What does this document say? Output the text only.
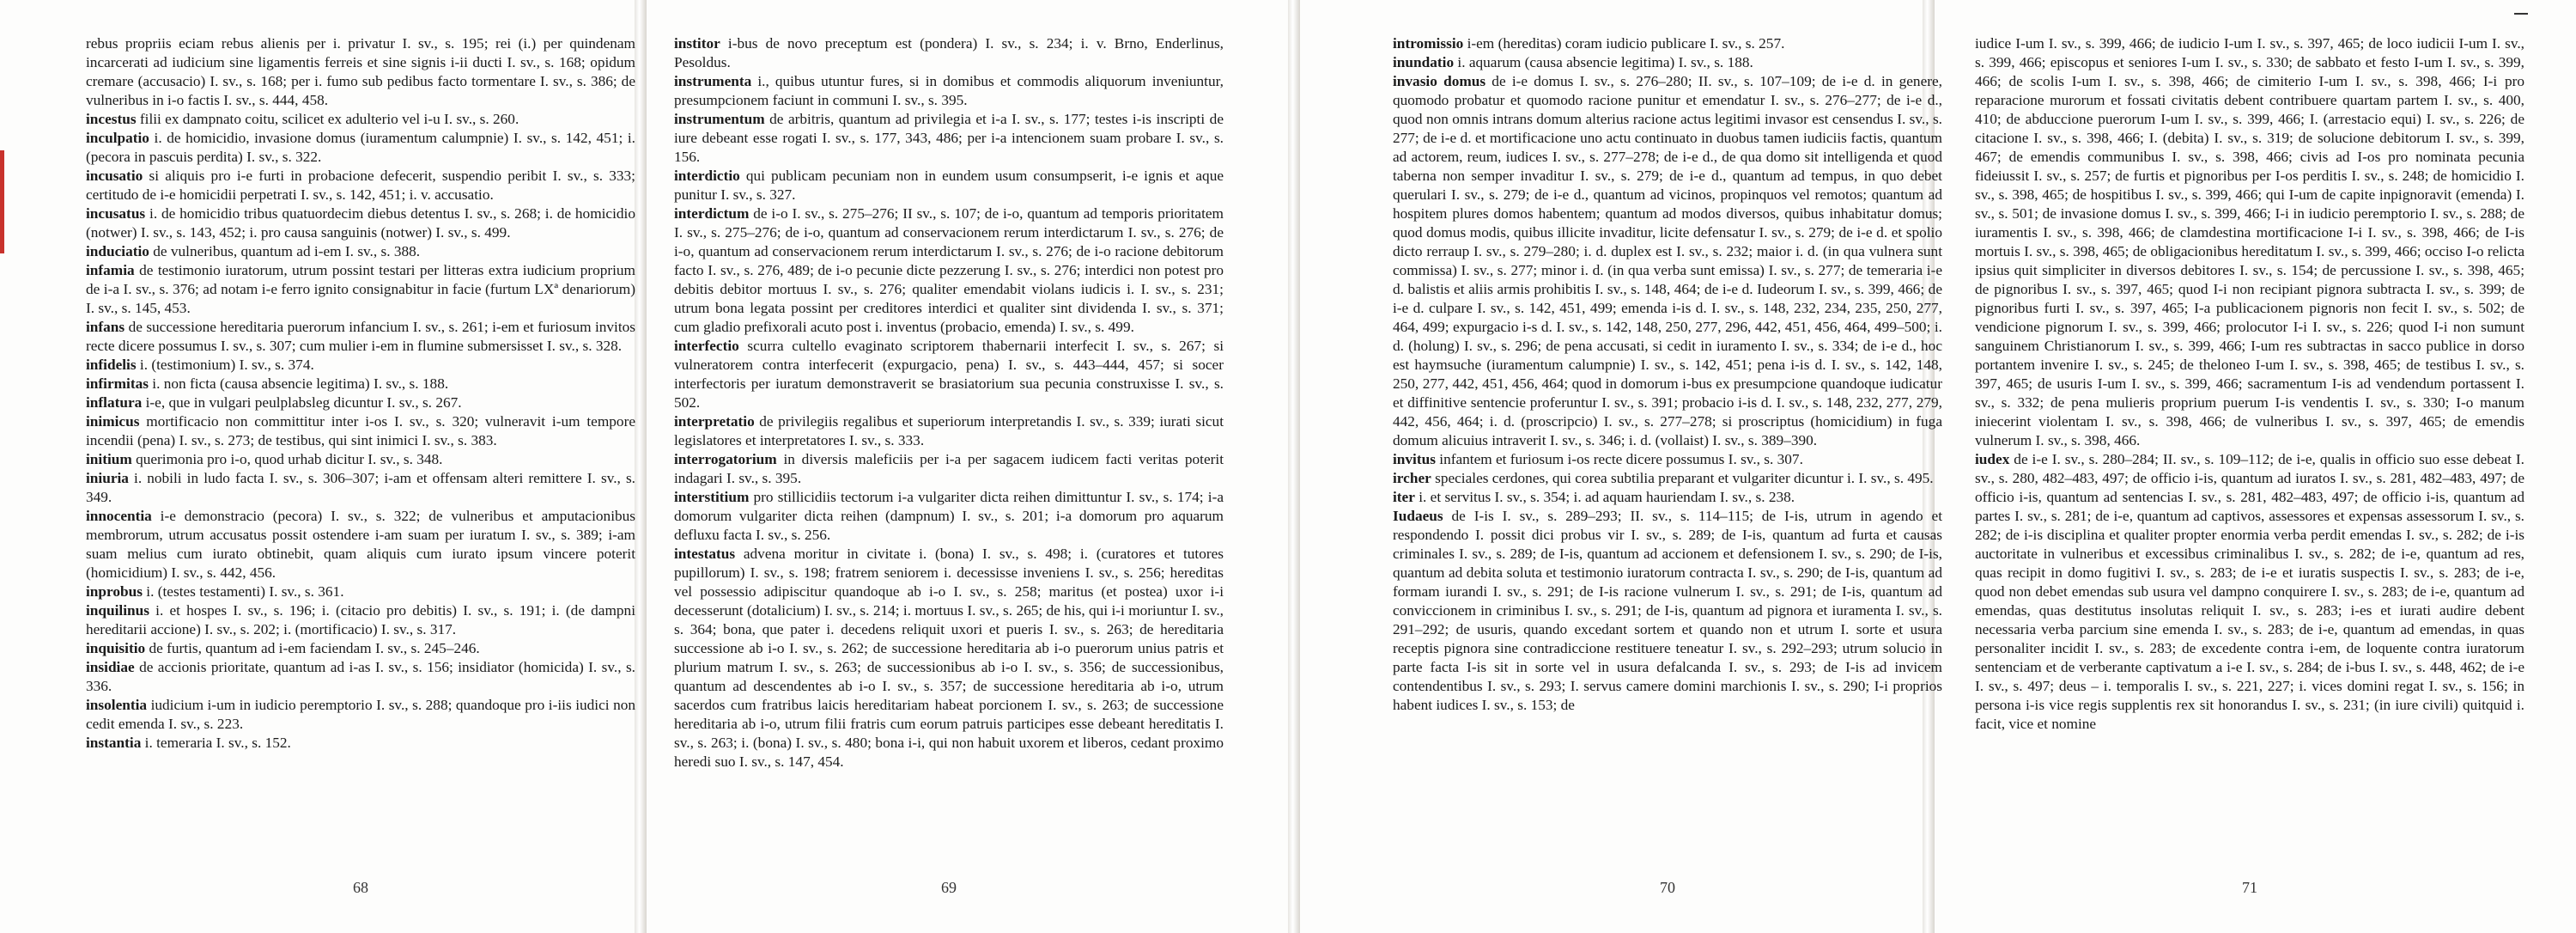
rebus propriis eciam rebus alienis per i. privatur I. sv., s. 195; rei (i.) per quindenam incarcerati ad iudicium sine ligamentis ferreis et sine signis i-ii ducti I. sv., s. 168; opidum cremare (accusacio) I. sv., s. 168; per i. fumo sub pedibus facto tormentare I. sv., s. 386; de vulneribus in i-o factis I. sv., s. 444, 458.

incestus filii ex dampnato coitu, scilicet ex adulterio vel i-u I. sv., s. 260.

inculpatio i. de homicidio, invasione domus (iuramentum calumpnie) I. sv., s. 142, 451; i. (pecora in pascuis perdita) I. sv., s. 322.

incusatio si aliquis pro i-e furti in probacione defecerit, suspendio peribit I. sv., s. 333; certitudo de i-e homicidii perpetrati I. sv., s. 142, 451; i. v. accusatio.

incusatus i. de homicidio tribus quatuordecim diebus detentus I. sv., s. 268; i. de homicidio (notwer) I. sv., s. 143, 452; i. pro causa sanguinis (notwer) I. sv., s. 499.

induciatio de vulneribus, quantum ad i-em I. sv., s. 388.

infamia de testimonio iuratorum, utrum possint testari per litteras extra iudicium proprium de i-a I. sv., s. 376; ad notam i-e ferro ignito consignabitur in facie (furtum LXª denariorum) I. sv., s. 145, 453.

infans de successione hereditaria puerorum infancium I. sv., s. 261; i-em et furiosum invitos recte dicere possumus I. sv., s. 307; cum mulier i-em in flumine submersisset I. sv., s. 328.

infidelis i. (testimonium) I. sv., s. 374.

infirmitas i. non ficta (causa absencie legitima) I. sv., s. 188.

inflatura i-e, que in vulgari peulplabsleg dicuntur I. sv., s. 267.

inimicus mortificacio non committitur inter i-os I. sv., s. 320; vulneravit i-um tempore incendii (pena) I. sv., s. 273; de testibus, qui sint inimici I. sv., s. 383.

initium querimonia pro i-o, quod urhab dicitur I. sv., s. 348.

iniuria i. nobili in ludo facta I. sv., s. 306–307; i-am et offensam alteri remittere I. sv., s. 349.

innocentia i-e demonstracio (pecora) I. sv., s. 322; de vulneribus et amputacionibus membrorum, utrum accusatus possit ostendere i-am suam per iuratum I. sv., s. 389; i-am suam melius cum iurato obtinebit, quam aliquis cum iurato ipsum vincere poterit (homicidium) I. sv., s. 442, 456.

inprobus i. (testes testamenti) I. sv., s. 361.

inquilinus i. et hospes I. sv., s. 196; i. (citacio pro debitis) I. sv., s. 191; i. (de dampni hereditarii accione) I. sv., s. 202; i. (mortificacio) I. sv., s. 317.

inquisitio de furtis, quantum ad i-em faciendam I. sv., s. 245–246.

insidiae de accionis prioritate, quantum ad i-as I. sv., s. 156; insidiator (homicida) I. sv., s. 336.

insolentia iudicium i-um in iudicio peremptorio I. sv., s. 288; quandoque pro i-iis iudici non cedit emenda I. sv., s. 223.

instantia i. temeraria I. sv., s. 152.

68

institor i-bus de novo preceptum est (pondera) I. sv., s. 234; i. v. Brno, Enderlinus, Pesoldus.

instrumenta i., quibus utuntur fures, si in domibus et commodis aliquorum inveniuntur, presumpcionem faciunt in communi I. sv., s. 395.

instrumentum de arbitris, quantum ad privilegia et i-a I. sv., s. 177; testes i-is inscripti de iure debeant esse rogati I. sv., s. 177, 343, 486; per i-a intencionem suam probare I. sv., s. 156.

interdictio qui publicam pecuniam non in eundem usum consumpserit, i-e ignis et aque punitur I. sv., s. 327.

interdictum de i-o I. sv., s. 275–276; II sv., s. 107; de i-o, quantum ad temporis prioritatem I. sv., s. 275–276; de i-o, quantum ad conservacionem rerum interdictarum I. sv., s. 276; de i-o, quantum ad conservacionem rerum interdictarum I. sv., s. 276; de i-o racione debitorum facto I. sv., s. 276, 489; de i-o pecunie dicte pezzerung I. sv., s. 276; interdici non potest pro debitis debitor mortuus I. sv., s. 276; qualiter emendabit violans iudicis i. I. sv., s. 231; utrum bona legata possint per creditores interdici et qualiter sint dividenda I. sv., s. 371; cum gladio prefixorali acuto post i. inventus (probacio, emenda) I. sv., s. 499.

interfectio scurra cultello evaginato scriptorem thabernarii interfecit I. sv., s. 267; si vulneratorem contra interfecerit (expurgacio, pena) I. sv., s. 443–444, 457; si socer interfectoris per iuratum demonstraverit se brasiatorium sua pecunia construxisse I. sv., s. 502.

interpretatio de privilegiis regalibus et superiorum interpretandis I. sv., s. 339; iurati sicut legislatores et interpretatores I. sv., s. 333.

interrogatorium in diversis maleficiis per i-a per sagacem iudicem facti veritas poterit indagari I. sv., s. 395.

interstitium pro stillicidiis tectorum i-a vulgariter dicta reihen dimittuntur I. sv., s. 174; i-a domorum vulgariter dicta reihen (dampnum) I. sv., s. 201; i-a domorum pro aquarum defluxu facta I. sv., s. 256.

intestatus advena moritur in civitate i. (bona) I. sv., s. 498; i. (curatores et tutores pupillorum) I. sv., s. 198; fratrem seniorem i. decessisse inveniens I. sv., s. 256; hereditas vel possessio adipiscitur quandoque ab i-o I. sv., s. 258; maritus (et postea) uxor i-i decesserunt (dotalicium) I. sv., s. 214; i. mortuus I. sv., s. 265; de his, qui i-i moriuntur I. sv., s. 364; bona, que pater i. decedens reliquit uxori et pueris I. sv., s. 263; de hereditaria successione ab i-o I. sv., s. 262; de successione hereditaria ab i-o puerorum unius patris et plurium matrum I. sv., s. 263; de successionibus ab i-o I. sv., s. 356; de successionibus, quantum ad descendentes ab i-o I. sv., s. 357; de successione hereditaria ab i-o, utrum sacerdos cum fratribus laicis hereditariam habeat porcionem I. sv., s. 263; de successione hereditaria ab i-o, utrum filii fratris cum eorum patruis participes esse debeant hereditatis I. sv., s. 263; i. (bona) I. sv., s. 480; bona i-i, qui non habuit uxorem et liberos, cedant proximo heredi suo I. sv., s. 147, 454.

69

intromissio i-em (hereditas) coram iudicio publicare I. sv., s. 257.

inundatio i. aquarum (causa absencie legitima) I. sv., s. 188.

invasio domus de i-e domus I. sv., s. 276–280; II. sv., s. 107–109; de i-e d. in genere, quomodo probatur et quomodo racione punitur et emendatur I. sv., s. 276–277; de i-e d., quod non omnis intrans domum alterius racione actus legitimi invasor est censendus I. sv., s. 277; de i-e d. et mortificacione uno actu continuato in duobus tamen iudiciis factis, quantum ad actorem, reum, iudices I. sv., s. 277–278; de i-e d., de qua domo sit intelligenda et quod taberna non semper invaditur I. sv., s. 279; de i-e d., quantum ad tempus, in quo debet querulari I. sv., s. 279; de i-e d., quantum ad vicinos, propinquos vel remotos; quantum ad hospitem plures domos habentem; quantum ad modos diversos, quibus inhabitatur domus; quod domus modis, quibus illicite invaditur, licite defensatur I. sv., s. 279; de i-e d. et spolio dicto rerraup I. sv., s. 279–280; i. d. duplex est I. sv., s. 232; maior i. d. (in qua vulnera sunt commissa) I. sv., s. 277; minor i. d. (in qua verba sunt emissa) I. sv., s. 277; de temeraria i-e d. balistis et aliis armis prohibitis I. sv., s. 148, 464; de i-e d. Iudeorum I. sv., s. 399, 466; de i-e d. culpare I. sv., s. 142, 451, 499; emenda i-is d. I. sv., s. 148, 232, 234, 235, 250, 277, 464, 499; expurgacio i-s d. I. sv., s. 142, 148, 250, 277, 296, 442, 451, 456, 464, 499–500; i. d. (holung) I. sv., s. 296; de pena accusati, si cedit in iuramento I. sv., s. 334; de i-e d., hoc est haymsuche (iuramentum calumpnie) I. sv., s. 142, 451; pena i-is d. I. sv., s. 142, 148, 250, 277, 442, 451, 456, 464; quod in domorum i-bus ex presumpcione quandoque iudicatur et diffinitive sentencie proferuntur I. sv., s. 391; probacio i-is d. I. sv., s. 148, 232, 277, 279, 442, 456, 464; i. d. (proscripcio) I. sv., s. 277–278; si proscriptus (homicidium) in fuga domum alicuius intraverit I. sv., s. 346; i. d. (vollaist) I. sv., s. 389–390.

invitus infantem et furiosum i-os recte dicere possumus I. sv., s. 307.

ircher speciales cerdones, qui corea subtilia preparant et vulgariter dicuntur i. I. sv., s. 495.

iter i. et servitus I. sv., s. 354; i. ad aquam hauriendam I. sv., s. 238.

Iudaeus de I-is I. sv., s. 289–293; II. sv., s. 114–115; de I-is, utrum in agendo et respondendo I. possit dici probus vir I. sv., s. 289; de I-is, quantum ad furta et causas criminales I. sv., s. 289; de I-is, quantum ad accionem et defensionem I. sv., s. 290; de I-is, quantum ad debita soluta et testimonio iuratorum contracta I. sv., s. 290; de I-is, quantum ad formam iurandi I. sv., s. 291; de I-is racione vulnerum I. sv., s. 291; de I-is, quantum ad conviccionem in criminibus I. sv., s. 291; de I-is, quantum ad pignora et iuramenta I. sv., s. 291–292; de usuris, quando excedant sortem et quando non et utrum I. sorte et usura receptis pignora sine contradiccione restituere teneatur I. sv., s. 292–293; utrum solucio in parte facta I-is sit in sorte vel in usura defalcanda I. sv., s. 293; de I-is ad invicem contendentibus I. sv., s. 293; I. servus camere domini marchionis I. sv., s. 290; I-i proprios habent iudices I. sv., s. 153; de

70

iudice I-um I. sv., s. 399, 466; de iudicio I-um I. sv., s. 397, 465; de loco iudicii I-um I. sv., s. 399, 466; episcopus et seniores I-um I. sv., s. 330; de sabbato et festo I-um I. sv., s. 399, 466; de scolis I-um I. sv., s. 398, 466; de cimiterio I-um I. sv., s. 398, 466; I-i pro reparacione murorum et fossati civitatis debent contribuere quartam partem I. sv., s. 400, 410; de abduccione puerorum I-um I. sv., s. 399, 466; I. (arrestacio equi) I. sv., s. 226; de citacione I. sv., s. 398, 466; I. (debita) I. sv., s. 319; de solucione debitorum I. sv., s. 399, 467; de emendis communibus I. sv., s. 398, 466; civis ad I-os pro nominata pecunia fideiussit I. sv., s. 257; de furtis et pignoribus per I-os perditis I. sv., s. 248; de homicidio I. sv., s. 398, 465; de hospitibus I. sv., s. 399, 466; qui I-um de capite inpignoravit (emenda) I. sv., s. 501; de invasione domus I. sv., s. 399, 466; I-i in iudicio peremptorio I. sv., s. 288; de iuramentis I. sv., s. 398, 466; de clamdestina mortificacione I-i I. sv., s. 398, 466; de I-is mortuis I. sv., s. 398, 465; de obligacionibus hereditatum I. sv., s. 399, 466; occiso I-o relicta ipsius quit simpliciter in diversos debitores I. sv., s. 154; de percussione I. sv., s. 398, 465; de pignoribus I. sv., s. 397, 465; quod I-i non recipiant pignora subtracta I. sv., s. 399; de pignoribus furti I. sv., s. 397, 465; I-a publicacionem pignoris non fecit I. sv., s. 502; de vendicione pignorum I. sv., s. 399, 466; prolocutor I-i I. sv., s. 226; quod I-i non sumunt sanguinem Christianorum I. sv., s. 399, 466; I-um res subtractas in sacco publice in dorso portantem invenire I. sv., s. 245; de theloneo I-um I. sv., s. 398, 465; de testibus I. sv., s. 397, 465; de usuris I-um I. sv., s. 399, 466; sacramentum I-is ad vendendum portassent I. sv., s. 332; de pena mulieris proprium puerum I-is vendentis I. sv., s. 330; I-o manum iniecerint violentam I. sv., s. 398, 466; de vulneribus I. sv., s. 397, 465; de emendis vulnerum I. sv., s. 398, 466.

iudex de i-e I. sv., s. 280–284; II. sv., s. 109–112; de i-e, qualis in officio suo esse debeat I. sv., s. 280, 482–483, 497; de officio i-is, quantum ad iuratos I. sv., s. 281, 482–483, 497; de officio i-is, quantum ad sentencias I. sv., s. 281, 482–483, 497; de officio i-is, quantum ad partes I. sv., s. 281; de i-e, quantum ad captivos, assessores et expensas assessorum I. sv., s. 282; de i-is disciplina et qualiter propter enormia verba perdit emendas I. sv., s. 282; de i-is auctoritate in vulneribus et excessibus criminalibus I. sv., s. 282; de i-e, quantum ad res, quas recipit in domo fugitivi I. sv., s. 283; de i-e et iuratis suspectis I. sv., s. 283; de i-e, quod non debet emendas sub usura vel dampno conquirere I. sv., s. 283; de i-e, quantum ad emendas, quas destitutus insolutas reliquit I. sv., s. 283; i-es et iurati audire debent necessaria verba parcium sine emenda I. sv., s. 283; de i-e, quantum ad emendas, in quas personaliter incidit I. sv., s. 283; de excedente contra i-em, de loquente contra iuratorum sentenciam et de verberante captivatum a i-e I. sv., s. 284; de i-bus I. sv., s. 448, 462; de i-e I. sv., s. 497; deus – i. temporalis I. sv., s. 221, 227; i. vices domini regat I. sv., s. 156; in persona i-is vice regis supplentis rex sit honorandus I. sv., s. 231; (in iure civili) quitquid i. facit, vice et nomine

71
